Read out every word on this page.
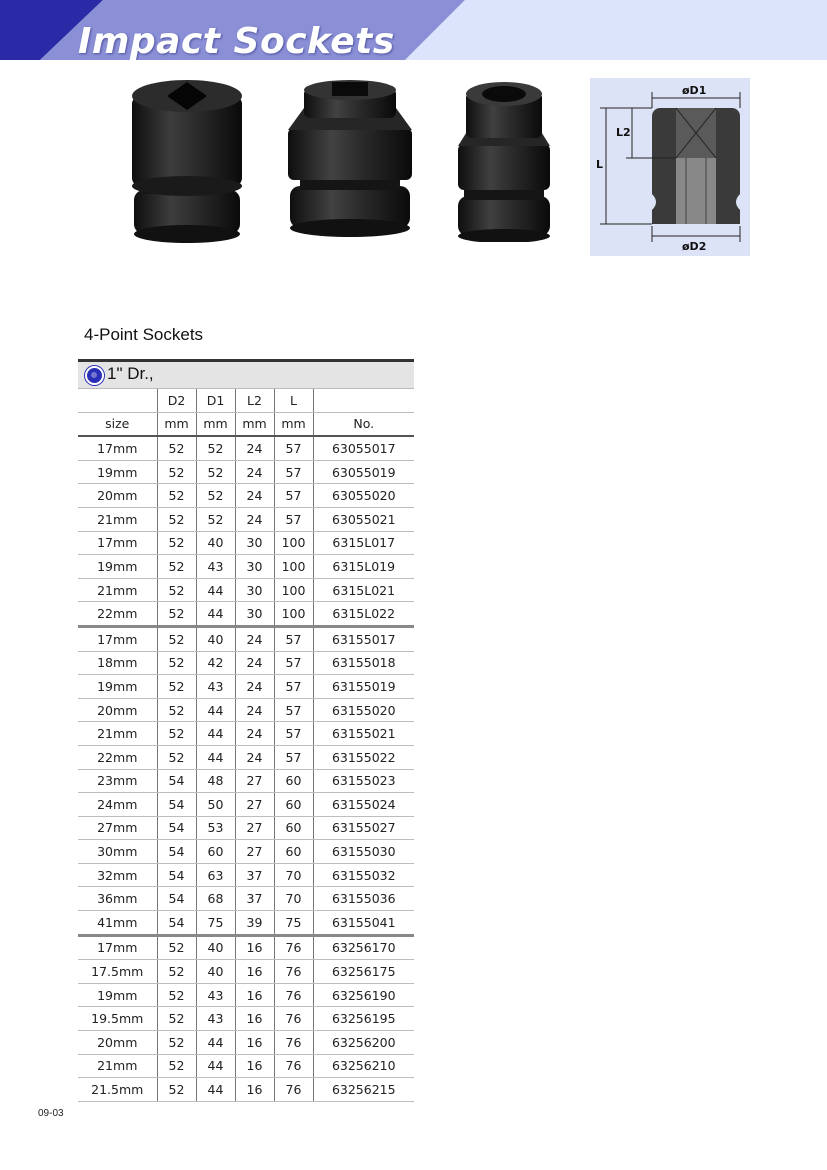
Impact Sockets
øD1
øD2
L
L2
4-Point Sockets
1" Dr.,
	D2	D1	L2	L	
size	mm	mm	mm	mm	No.
17mm	52	52	24	57	63055017
19mm	52	52	24	57	63055019
20mm	52	52	24	57	63055020
21mm	52	52	24	57	63055021
17mm	52	40	30	100	6315L017
19mm	52	43	30	100	6315L019
21mm	52	44	30	100	6315L021
22mm	52	44	30	100	6315L022
17mm	52	40	24	57	63155017
18mm	52	42	24	57	63155018
19mm	52	43	24	57	63155019
20mm	52	44	24	57	63155020
21mm	52	44	24	57	63155021
22mm	52	44	24	57	63155022
23mm	54	48	27	60	63155023
24mm	54	50	27	60	63155024
27mm	54	53	27	60	63155027
30mm	54	60	27	60	63155030
32mm	54	63	37	70	63155032
36mm	54	68	37	70	63155036
41mm	54	75	39	75	63155041
17mm	52	40	16	76	63256170
17.5mm	52	40	16	76	63256175
19mm	52	43	16	76	63256190
19.5mm	52	43	16	76	63256195
20mm	52	44	16	76	63256200
21mm	52	44	16	76	63256210
21.5mm	52	44	16	76	63256215
09-03
